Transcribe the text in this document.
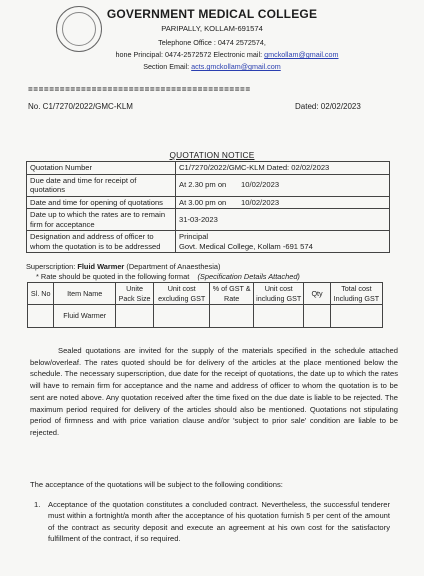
GOVERNMENT MEDICAL COLLEGE
PARIPALLY, KOLLAM-691574
Telephone Office : 0474 2572574,
hone Principal: 0474-2572572 Electronic mail: gmckollam@gmail.com
Section Email: acts.gmckollam@gmail.com
==========================================
No. C1/7270/2022/GMC-KLM	Dated: 02/02/2023
QUOTATION NOTICE
Quotation Number	C1/7270/2022/GMC-KLM Dated: 02/02/2023
Due date and time for receipt of quotations	At 2.30 pm on       10/02/2023
Date and time for opening of quotations	At 3.00 pm on       10/02/2023
Date up to which the rates are to remain firm for acceptance	31-03-2023
Designation and address of officer to whom the quotation is to be addressed	Principal
Govt. Medical College, Kollam -691 574
Superscription: Fluid Warmer (Department of Anaesthesia)
* Rate should be quoted in the following format (Specification Details Attached)
Sl. No	Item Name	Unite Pack Size	Unit cost excluding GST	% of GST & Rate	Unit cost including GST	Qty	Total cost Including GST
	Fluid Warmer						
Sealed quotations are invited for the supply of the materials specified in the schedule attached below/overleaf. The rates quoted should be for delivery of the articles at the place mentioned below the schedule. The necessary superscription, due date for the receipt of quotations, the date up to which the rates will have to remain firm for acceptance and the name and address of officer to whom the quotation is to be sent are noted above. Any quotation received after the time fixed on the due date is liable to be rejected. The maximum period required for delivery of the articles should also be mentioned. Quotations not stipulating period of firmness and with price variation clause and/or 'subject to prior sale' condition are liable to be rejected.
The acceptance of the quotations will be subject to the following conditions:
1.	Acceptance of the quotation constitutes a concluded contract. Nevertheless, the successful tenderer must within a fortnight/a month after the acceptance of his quotation furnish 5 per cent of the amount of the contract as security deposit and execute an agreement at his own cost for the satisfactory fulfillment of the contract, if so required.
